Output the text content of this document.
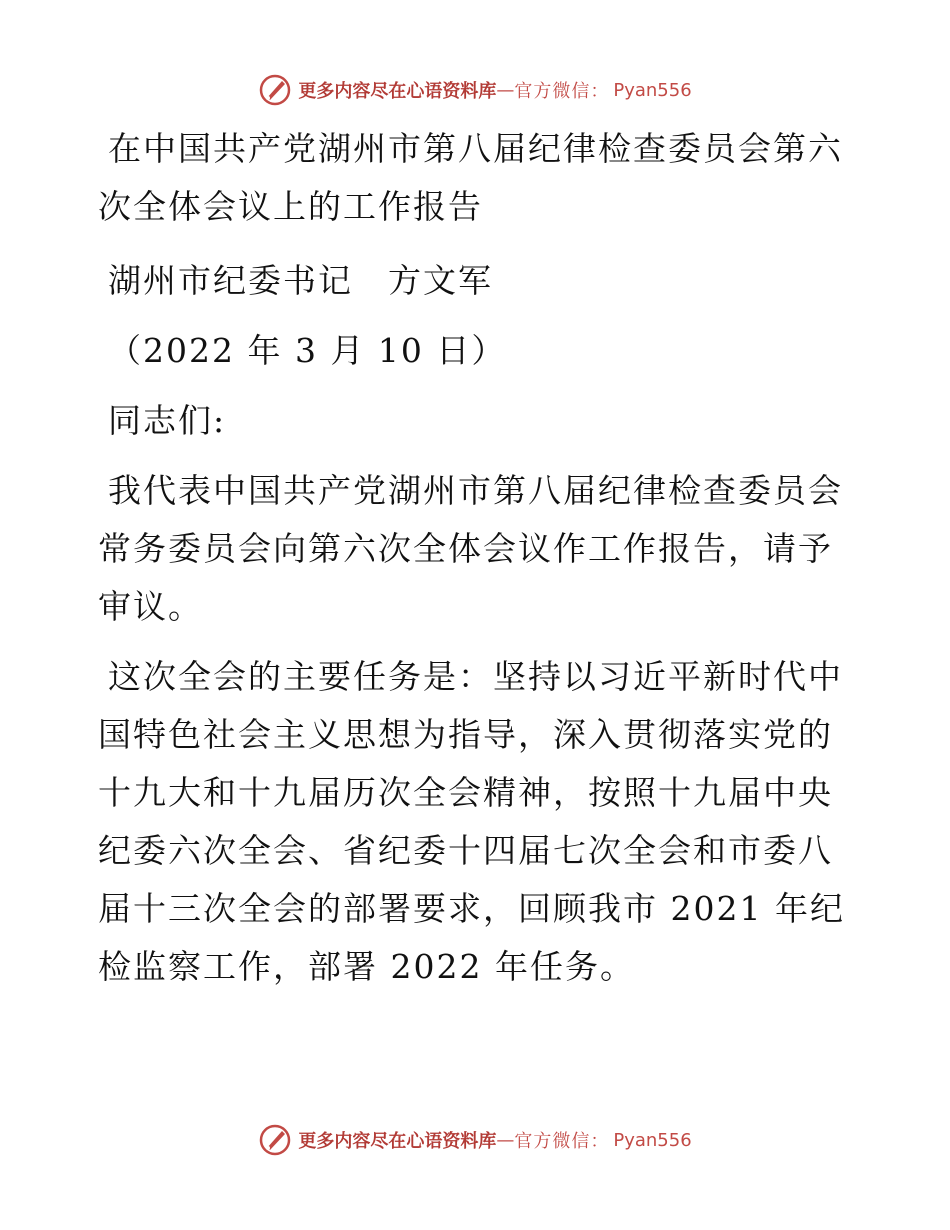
更多内容尽在心语资料库 — 官方微信： Pyan556

在中国共产党湖州市第八届纪律检查委员会第六次全体会议上的工作报告

湖州市纪委书记　方文军

（2022 年 3 月 10 日）

同志们:

我代表中国共产党湖州市第八届纪律检查委员会常务委员会向第六次全体会议作工作报告，请予审议。

这次全会的主要任务是：坚持以习近平新时代中国特色社会主义思想为指导，深入贯彻落实党的十九大和十九届历次全会精神，按照十九届中央纪委六次全会、省纪委十四届七次全会和市委八届十三次全会的部署要求，回顾我市 2021 年纪检监察工作，部署 2022 年任务。

更多内容尽在心语资料库 — 官方微信： Pyan556
